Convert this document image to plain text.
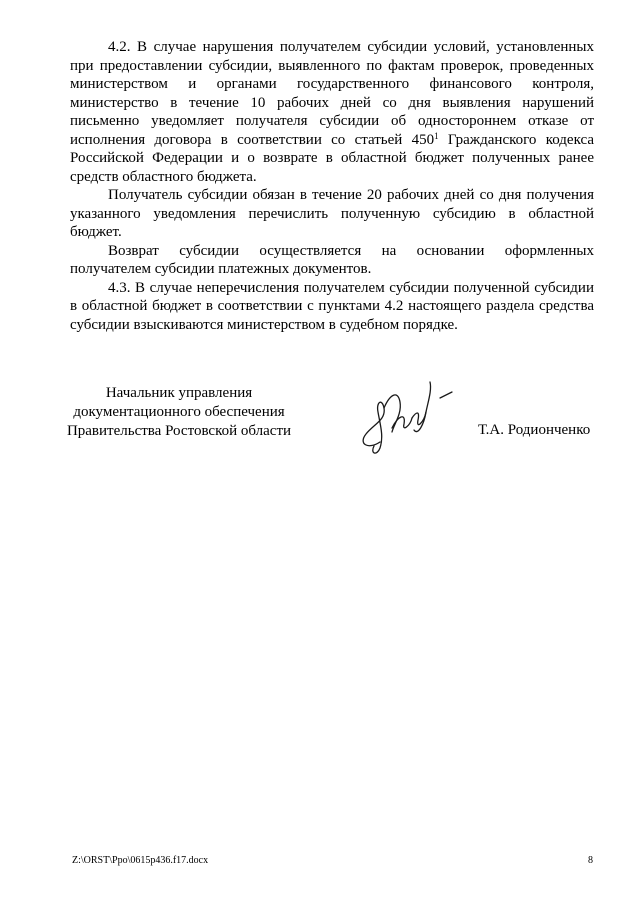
4.2. В случае нарушения получателем субсидии условий, установленных при предоставлении субсидии, выявленного по фактам проверок, проведенных министерством и органами государственного финансового контроля, министерство в течение 10 рабочих дней со дня выявления нарушений письменно уведомляет получателя субсидии об одностороннем отказе от исполнения договора в соответствии со статьей $450^1$ Гражданского кодекса Российской Федерации и о возврате в областной бюджет полученных ранее средств областного бюджета.

Получатель субсидии обязан в течение 20 рабочих дней со дня получения указанного уведомления перечислить полученную субсидию в областной бюджет.

Возврат субсидии осуществляется на основании оформленных получателем субсидии платежных документов.

4.3. В случае неперечисления получателем субсидии полученной субсидии в областной бюджет в соответствии с пунктами 4.2 настоящего раздела средства субсидии взыскиваются министерством в судебном порядке.

Начальник управления
документационного обеспечения
Правительства Ростовской области	Т.А. Родионченко
Z:\ORST\Ppo\0615p436.f17.docx	8
